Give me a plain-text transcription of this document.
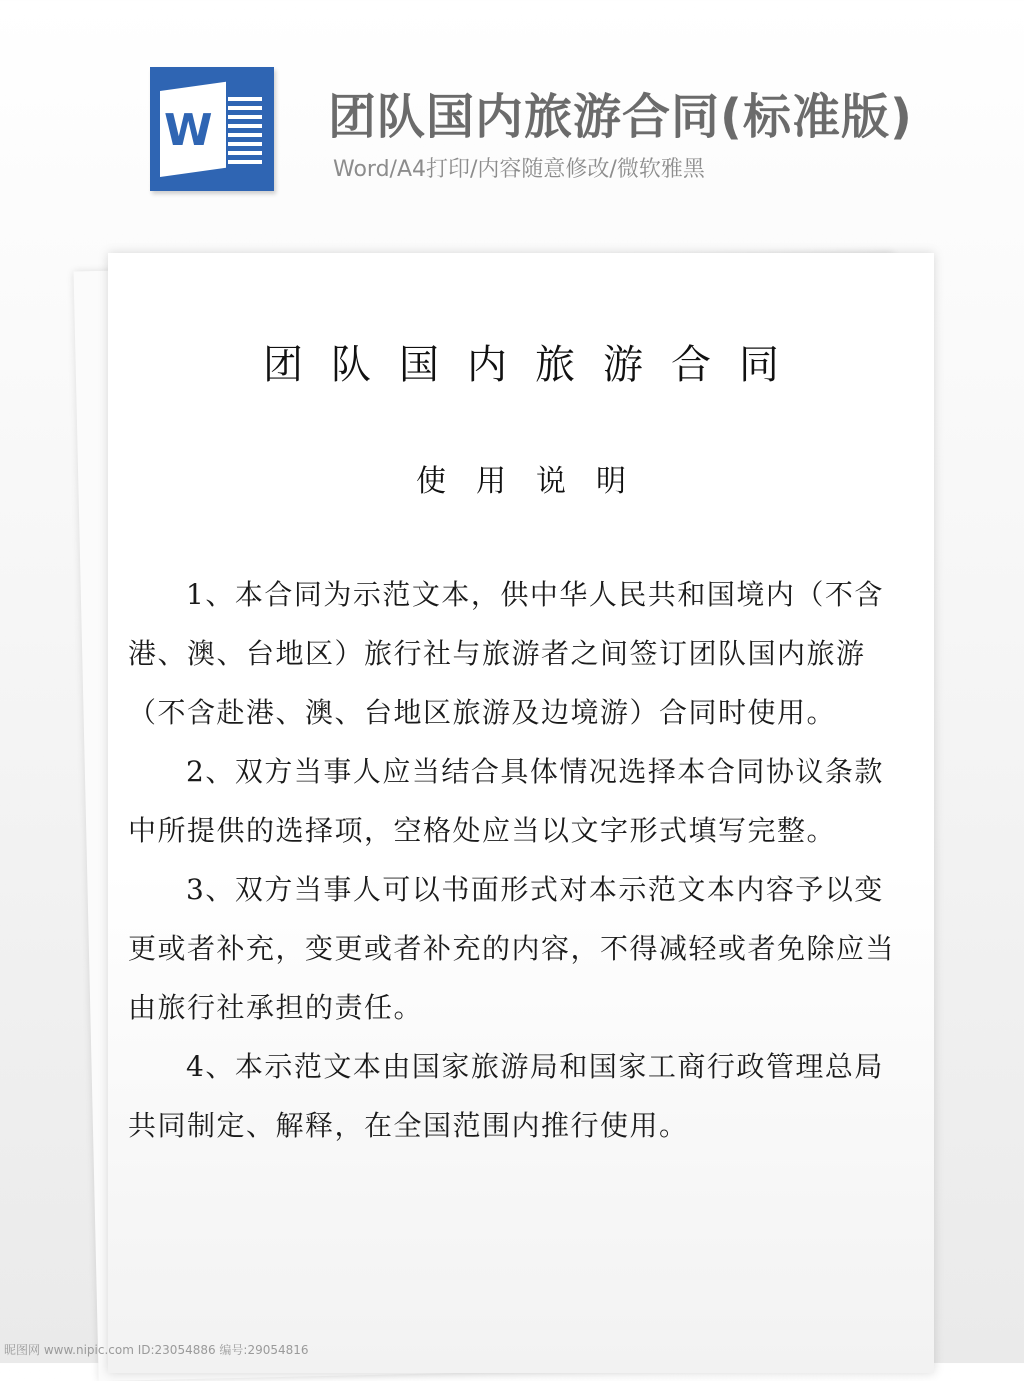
W 团队国内旅游合同(标准版)
Word/A4打印/内容随意修改/微软雅黑
团队国内旅游合同
使用说明

1、本合同为示范文本，供中华人民共和国境内（不含港、澳、台地区）旅行社与旅游者之间签订团队国内旅游（不含赴港、澳、台地区旅游及边境游）合同时使用。

2、双方当事人应当结合具体情况选择本合同协议条款中所提供的选择项，空格处应当以文字形式填写完整。

3、双方当事人可以书面形式对本示范文本内容予以变更或者补充，变更或者补充的内容，不得减轻或者免除应当由旅行社承担的责任。

4、本示范文本由国家旅游局和国家工商行政管理总局共同制定、解释，在全国范围内推行使用。

昵图网 www.nipic.com ID:23054886 编号:29054816
